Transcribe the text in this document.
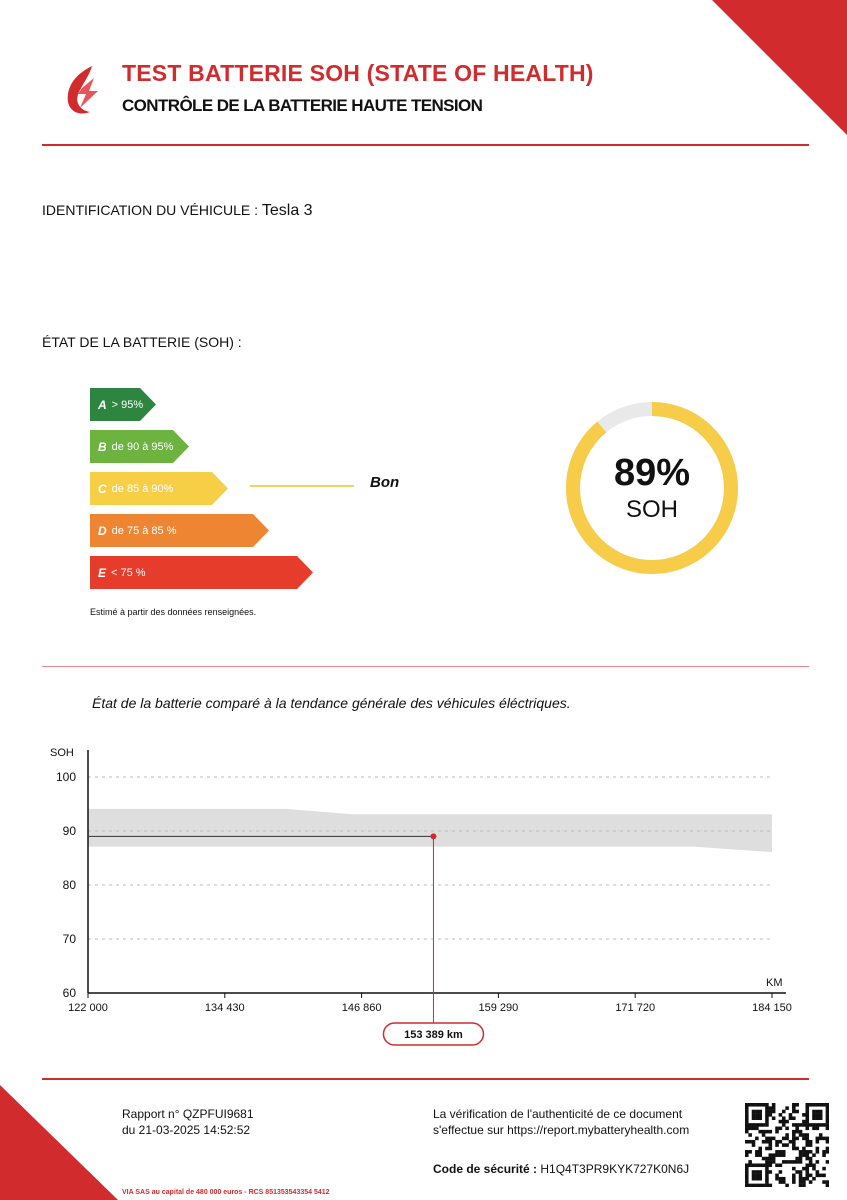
TEST BATTERIE SOH (STATE OF HEALTH)
CONTRÔLE DE LA BATTERIE HAUTE TENSION
IDENTIFICATION DU VÉHICULE : Tesla 3
ÉTAT DE LA BATTERIE (SOH) :
A > 95%
B de 90 à 95%
C de 85 à 90%
D de 75 à 85 %
E < 75 %
Bon
Estimé à partir des données renseignées.
89%
SOH
État de la batterie comparé à la tendance générale des véhicules éléctriques.
100
90
80
70
60
SOH
KM
122 000	134 430	146 860	159 290	171 720	184 150
153 389 km
Rapport n° QZPFUI9681
du 21-03-2025 14:52:52
La vérification de l'authenticité de ce document
s'effectue sur https://report.mybatteryhealth.com
Code de sécurité : H1Q4T3PR9KYK727K0N6J
VIA SAS au capital de 480 000 euros - RCS 851353543354 5412
